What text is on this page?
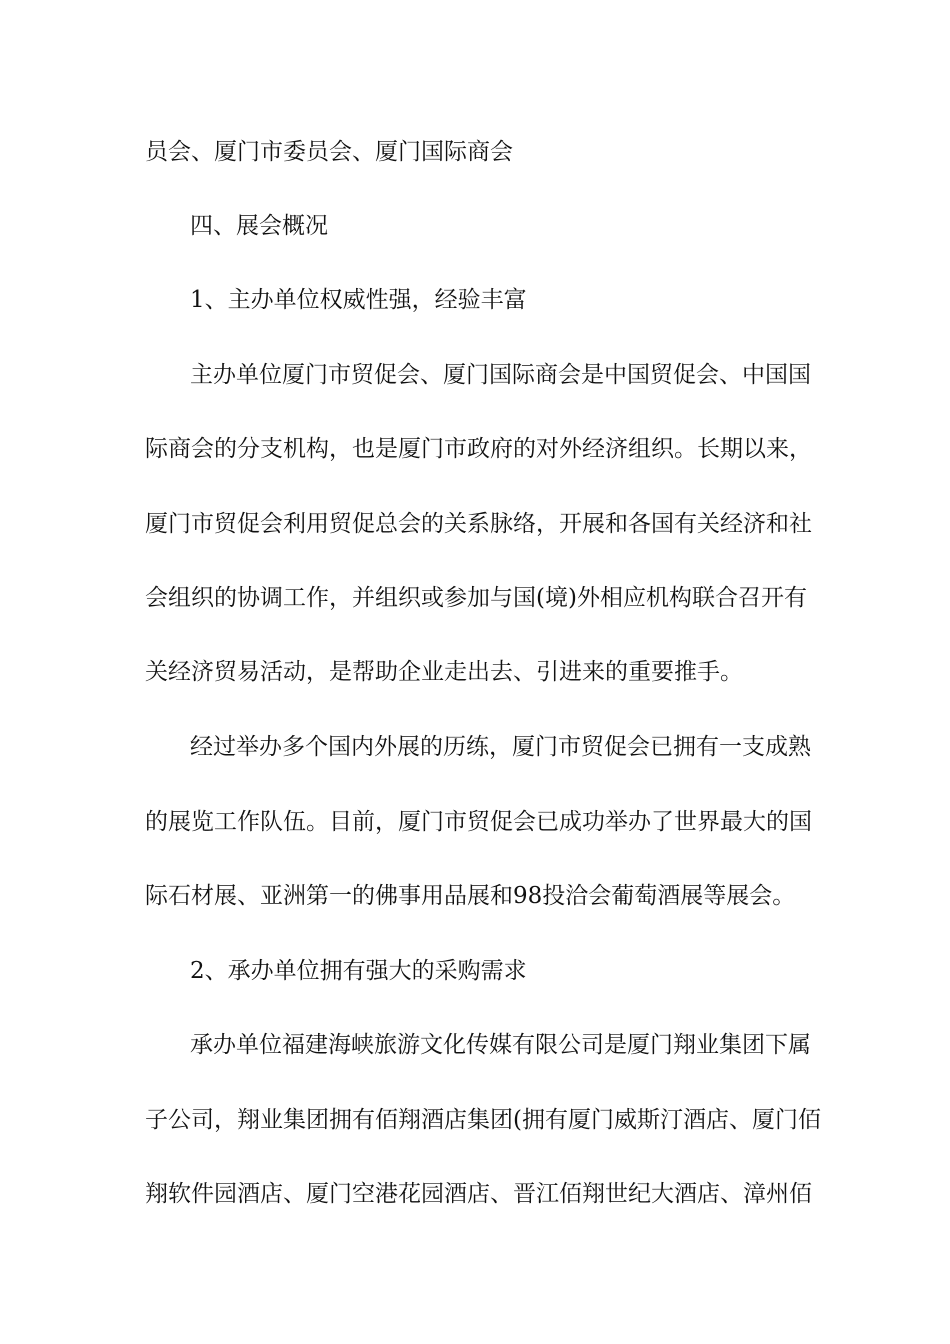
员会、厦门市委员会、厦门国际商会
四、展会概况
1、主办单位权威性强，经验丰富
主办单位厦门市贸促会、厦门国际商会是中国贸促会、中国国
际商会的分支机构，也是厦门市政府的对外经济组织。长期以来，
厦门市贸促会利用贸促总会的关系脉络，开展和各国有关经济和社
会组织的协调工作，并组织或参加与国(境)外相应机构联合召开有
关经济贸易活动，是帮助企业走出去、引进来的重要推手。
经过举办多个国内外展的历练，厦门市贸促会已拥有一支成熟
的展览工作队伍。目前，厦门市贸促会已成功举办了世界最大的国
际石材展、亚洲第一的佛事用品展和98投洽会葡萄酒展等展会。
2、承办单位拥有强大的采购需求
承办单位福建海峡旅游文化传媒有限公司是厦门翔业集团下属
子公司，翔业集团拥有佰翔酒店集团(拥有厦门威斯汀酒店、厦门佰
翔软件园酒店、厦门空港花园酒店、晋江佰翔世纪大酒店、漳州佰
